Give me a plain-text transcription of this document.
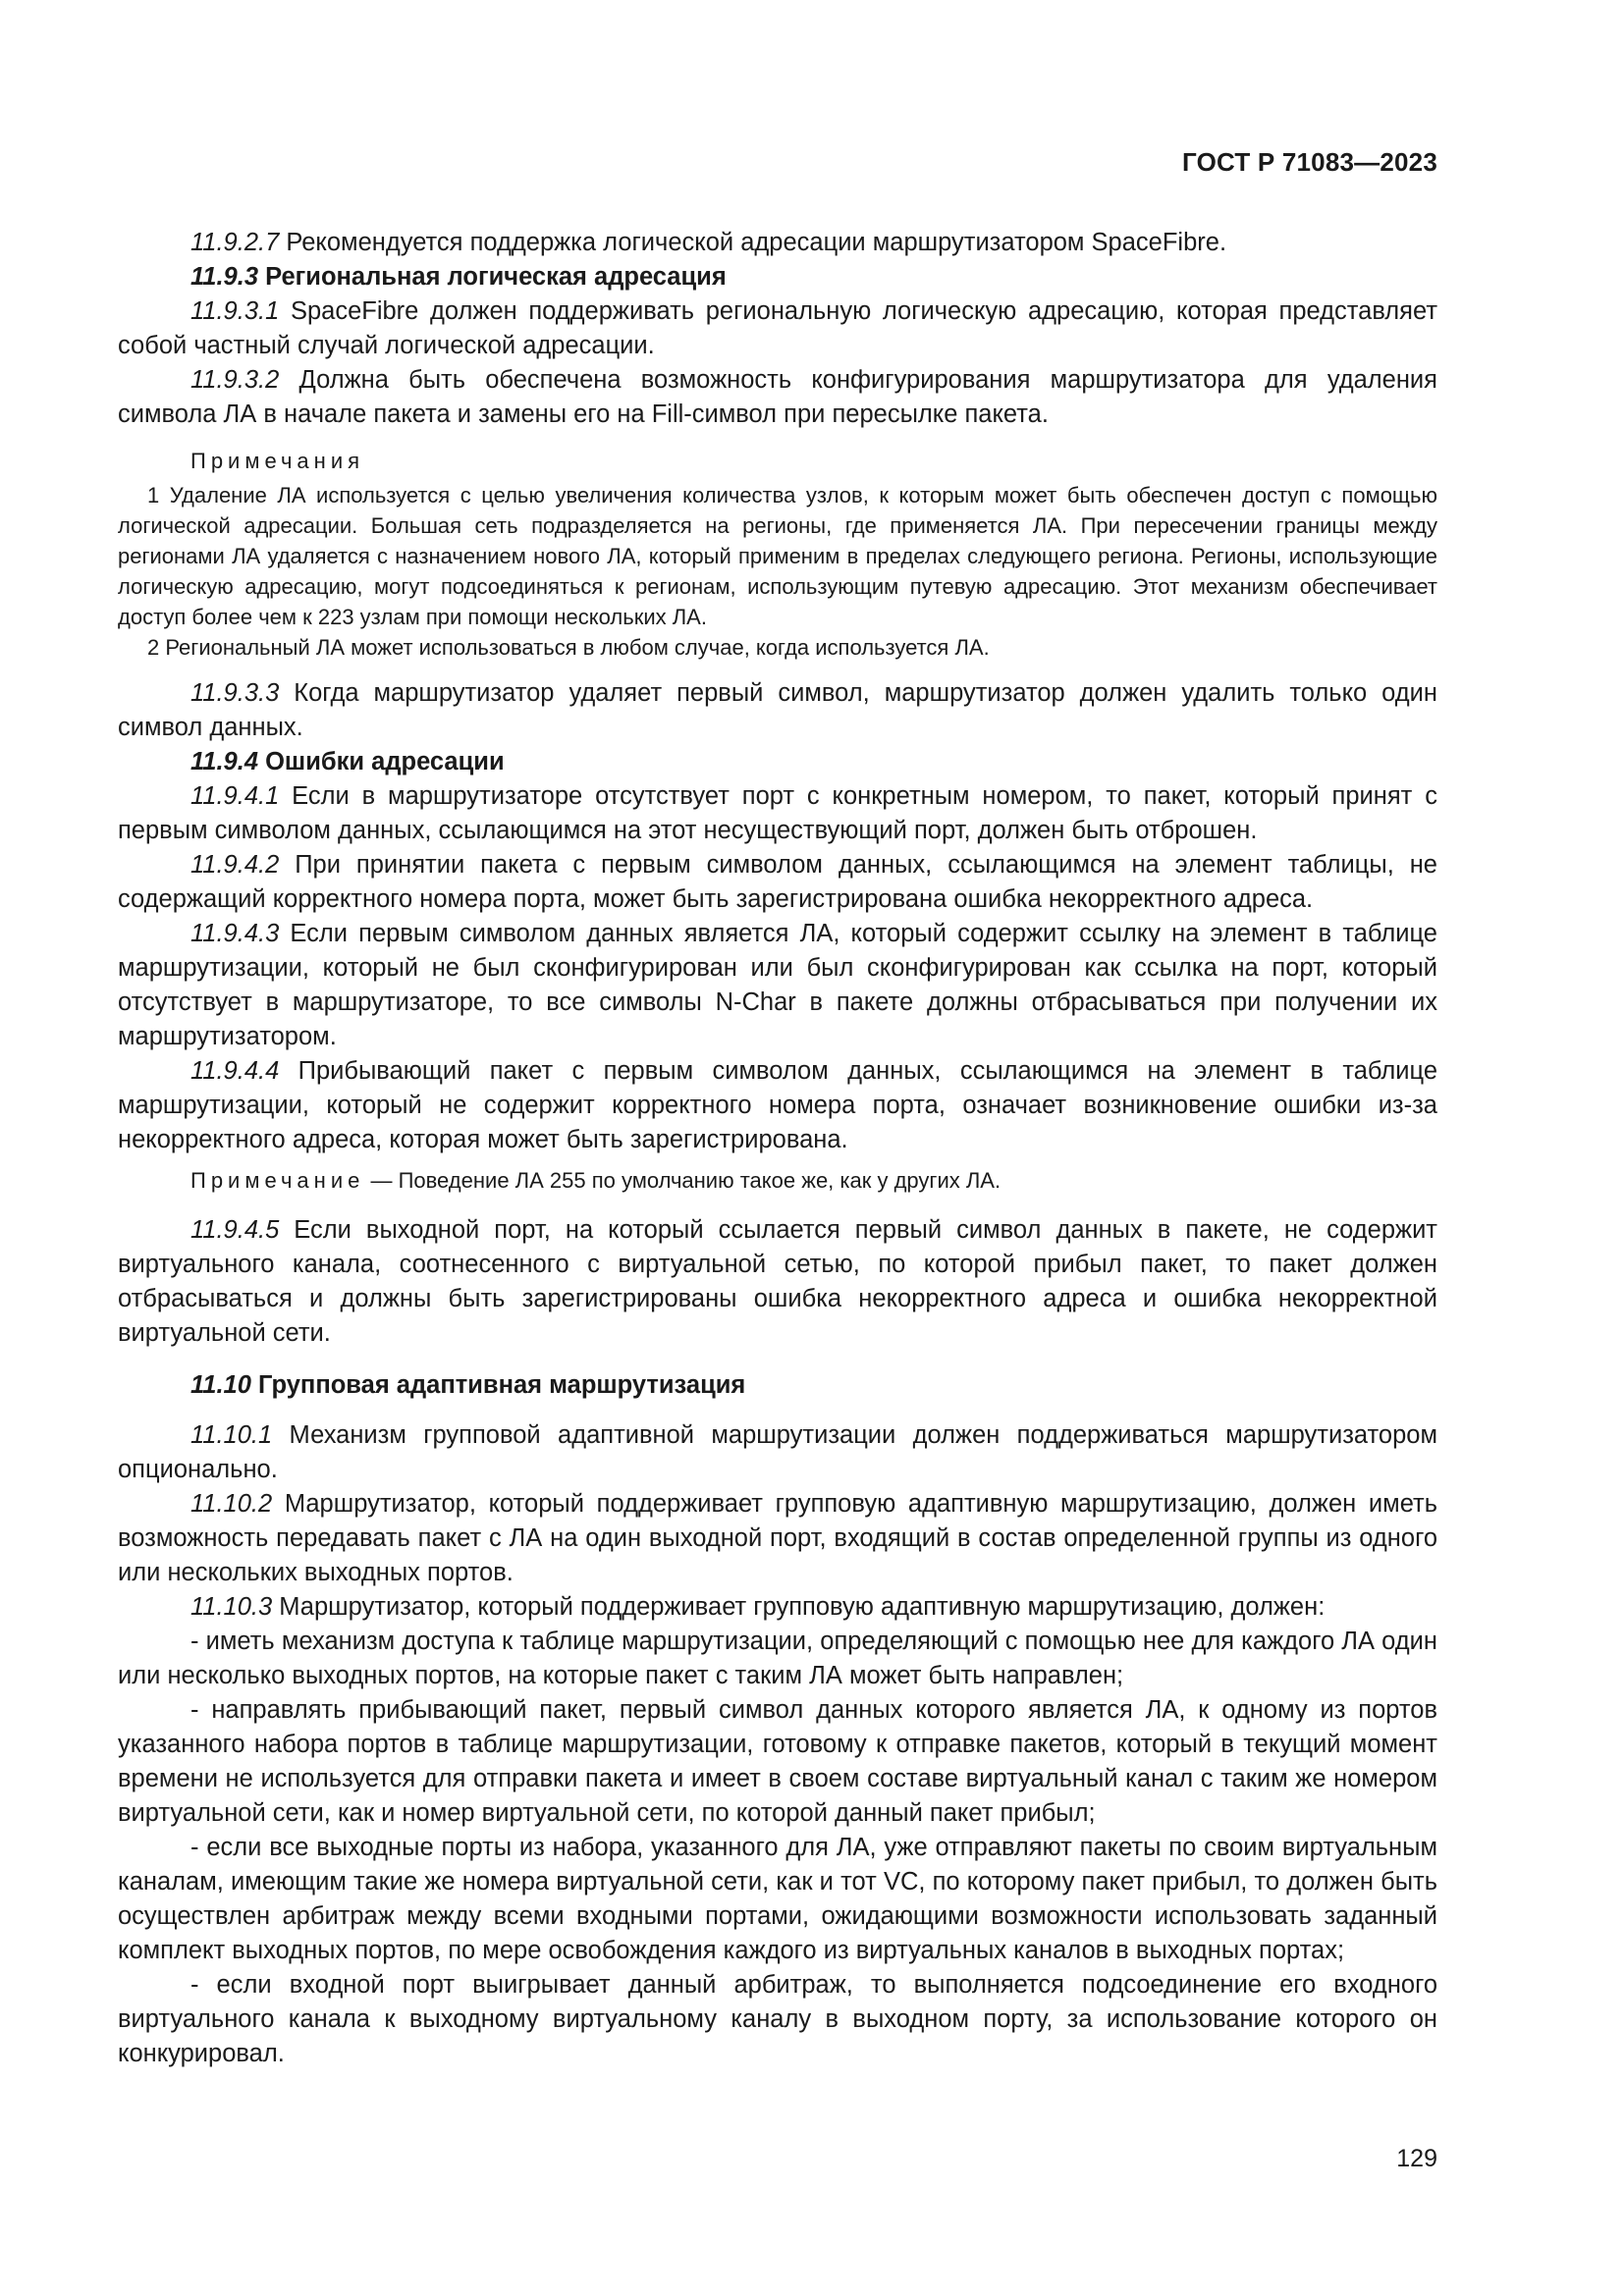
ГОСТ Р 71083—2023

11.9.2.7 Рекомендуется поддержка логической адресации маршрутизатором SpaceFibre.

11.9.3 Региональная логическая адресация

11.9.3.1 SpaceFibre должен поддерживать региональную логическую адресацию, которая представляет собой частный случай логической адресации.

11.9.3.2 Должна быть обеспечена возможность конфигурирования маршрутизатора для удаления символа ЛА в начале пакета и замены его на Fill-символ при пересылке пакета.

Примечания

1 Удаление ЛА используется с целью увеличения количества узлов, к которым может быть обеспечен доступ с помощью логической адресации. Большая сеть подразделяется на регионы, где применяется ЛА. При пересечении границы между регионами ЛА удаляется с назначением нового ЛА, который применим в пределах следующего региона. Регионы, использующие логическую адресацию, могут подсоединяться к регионам, использующим путевую адресацию. Этот механизм обеспечивает доступ более чем к 223 узлам при помощи нескольких ЛА.

2 Региональный ЛА может использоваться в любом случае, когда используется ЛА.

11.9.3.3 Когда маршрутизатор удаляет первый символ, маршрутизатор должен удалить только один символ данных.

11.9.4 Ошибки адресации

11.9.4.1 Если в маршрутизаторе отсутствует порт с конкретным номером, то пакет, который принят с первым символом данных, ссылающимся на этот несуществующий порт, должен быть отброшен.

11.9.4.2 При принятии пакета с первым символом данных, ссылающимся на элемент таблицы, не содержащий корректного номера порта, может быть зарегистрирована ошибка некорректного адреса.

11.9.4.3 Если первым символом данных является ЛА, который содержит ссылку на элемент в таблице маршрутизации, который не был сконфигурирован или был сконфигурирован как ссылка на порт, который отсутствует в маршрутизаторе, то все символы N-Char в пакете должны отбрасываться при получении их маршрутизатором.

11.9.4.4 Прибывающий пакет с первым символом данных, ссылающимся на элемент в таблице маршрутизации, который не содержит корректного номера порта, означает возникновение ошибки из-за некорректного адреса, которая может быть зарегистрирована.

Примечание — Поведение ЛА 255 по умолчанию такое же, как у других ЛА.

11.9.4.5 Если выходной порт, на который ссылается первый символ данных в пакете, не содержит виртуального канала, соотнесенного с виртуальной сетью, по которой прибыл пакет, то пакет должен отбрасываться и должны быть зарегистрированы ошибка некорректного адреса и ошибка некорректной виртуальной сети.

11.10 Групповая адаптивная маршрутизация

11.10.1 Механизм групповой адаптивной маршрутизации должен поддерживаться маршрутизатором опционально.

11.10.2 Маршрутизатор, который поддерживает групповую адаптивную маршрутизацию, должен иметь возможность передавать пакет с ЛА на один выходной порт, входящий в состав определенной группы из одного или нескольких выходных портов.

11.10.3 Маршрутизатор, который поддерживает групповую адаптивную маршрутизацию, должен:

- иметь механизм доступа к таблице маршрутизации, определяющий с помощью нее для каждого ЛА один или несколько выходных портов, на которые пакет с таким ЛА может быть направлен;

- направлять прибывающий пакет, первый символ данных которого является ЛА, к одному из портов указанного набора портов в таблице маршрутизации, готовому к отправке пакетов, который в текущий момент времени не используется для отправки пакета и имеет в своем составе виртуальный канал с таким же номером виртуальной сети, как и номер виртуальной сети, по которой данный пакет прибыл;

- если все выходные порты из набора, указанного для ЛА, уже отправляют пакеты по своим виртуальным каналам, имеющим такие же номера виртуальной сети, как и тот VC, по которому пакет прибыл, то должен быть осуществлен арбитраж между всеми входными портами, ожидающими возможности использовать заданный комплект выходных портов, по мере освобождения каждого из виртуальных каналов в выходных портах;

- если входной порт выигрывает данный арбитраж, то выполняется подсоединение его входного виртуального канала к выходному виртуальному каналу в выходном порту, за использование которого он конкурировал.

129
